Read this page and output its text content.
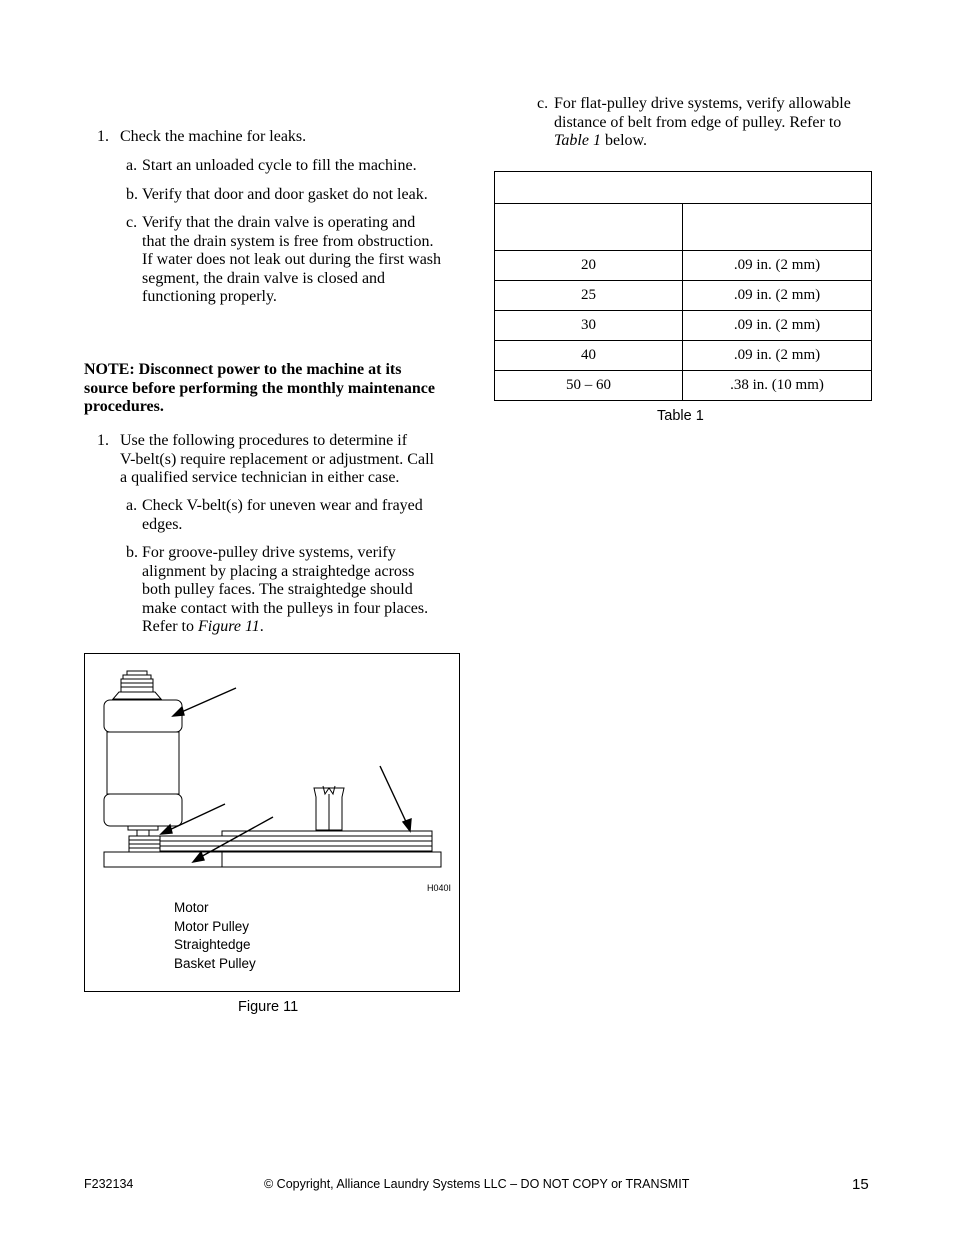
1. Check the machine for leaks.
a. Start an unloaded cycle to fill the machine.
b. Verify that door and door gasket do not leak.
c. Verify that the drain valve is operating and
that the drain system is free from obstruction.
If water does not leak out during the first wash
segment, the drain valve is closed and
functioning properly.
NOTE: Disconnect power to the machine at its
source before performing the monthly maintenance
procedures.
1. Use the following procedures to determine if
V-belt(s) require replacement or adjustment. Call
a qualified service technician in either case.
a. Check V-belt(s) for uneven wear and frayed
edges.
b. For groove-pulley drive systems, verify
alignment by placing a straightedge across
both pulley faces. The straightedge should
make contact with the pulleys in four places.
Refer to Figure 11.
H040I
Motor
Motor Pulley
Straightedge
Basket Pulley
Figure 11
c. For flat-pulley drive systems, verify allowable
distance of belt from edge of pulley. Refer to
Table 1 below.

20	.09 in. (2 mm)
25	.09 in. (2 mm)
30	.09 in. (2 mm)
40	.09 in. (2 mm)
50 – 60	.38 in. (10 mm)
Table 1
F232134	© Copyright, Alliance Laundry Systems LLC – DO NOT COPY or TRANSMIT	15
